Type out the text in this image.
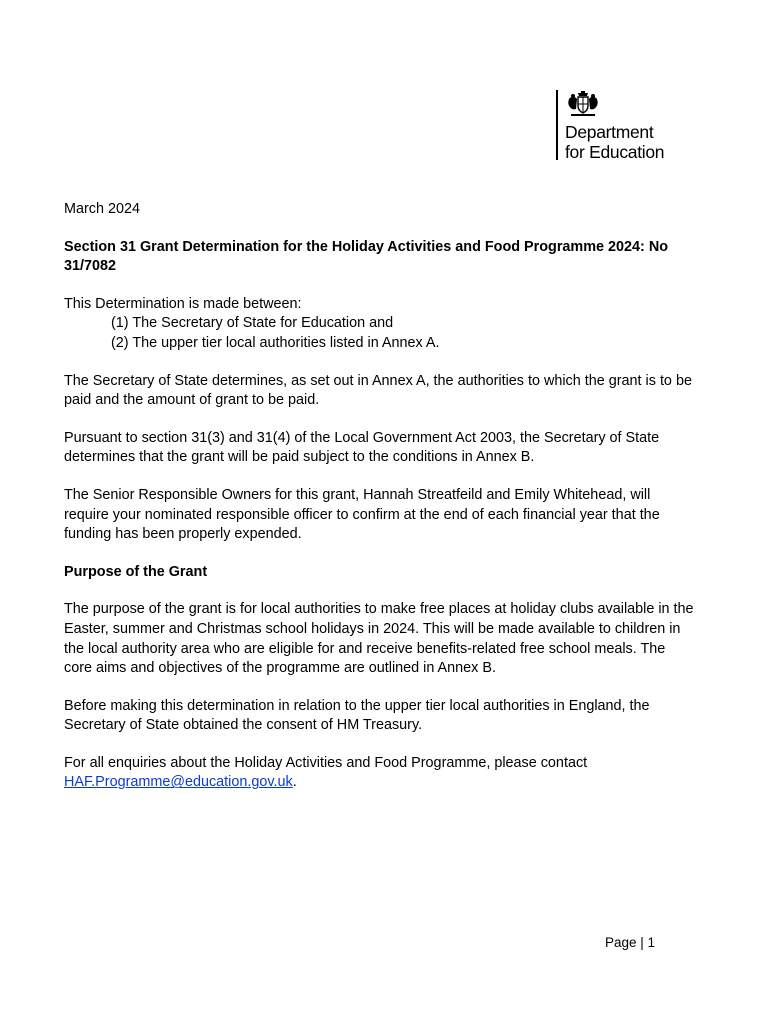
Department
for Education

March 2024

Section 31 Grant Determination for the Holiday Activities and Food Programme 2024: No 31/7082

This Determination is made between:

(1) The Secretary of State for Education and

(2) The upper tier local authorities listed in Annex A.

The Secretary of State determines, as set out in Annex A, the authorities to which the grant is to be paid and the amount of grant to be paid.

Pursuant to section 31(3) and 31(4) of the Local Government Act 2003, the Secretary of State determines that the grant will be paid subject to the conditions in Annex B.

The Senior Responsible Owners for this grant, Hannah Streatfeild and Emily Whitehead, will require your nominated responsible officer to confirm at the end of each financial year that the funding has been properly expended.

Purpose of the Grant

The purpose of the grant is for local authorities to make free places at holiday clubs available in the Easter, summer and Christmas school holidays in 2024. This will be made available to children in the local authority area who are eligible for and receive benefits-related free school meals. The core aims and objectives of the programme are outlined in Annex B.

Before making this determination in relation to the upper tier local authorities in England, the Secretary of State obtained the consent of HM Treasury.

For all enquiries about the Holiday Activities and Food Programme, please contact
HAF.Programme@education.gov.uk.

Page | 1
